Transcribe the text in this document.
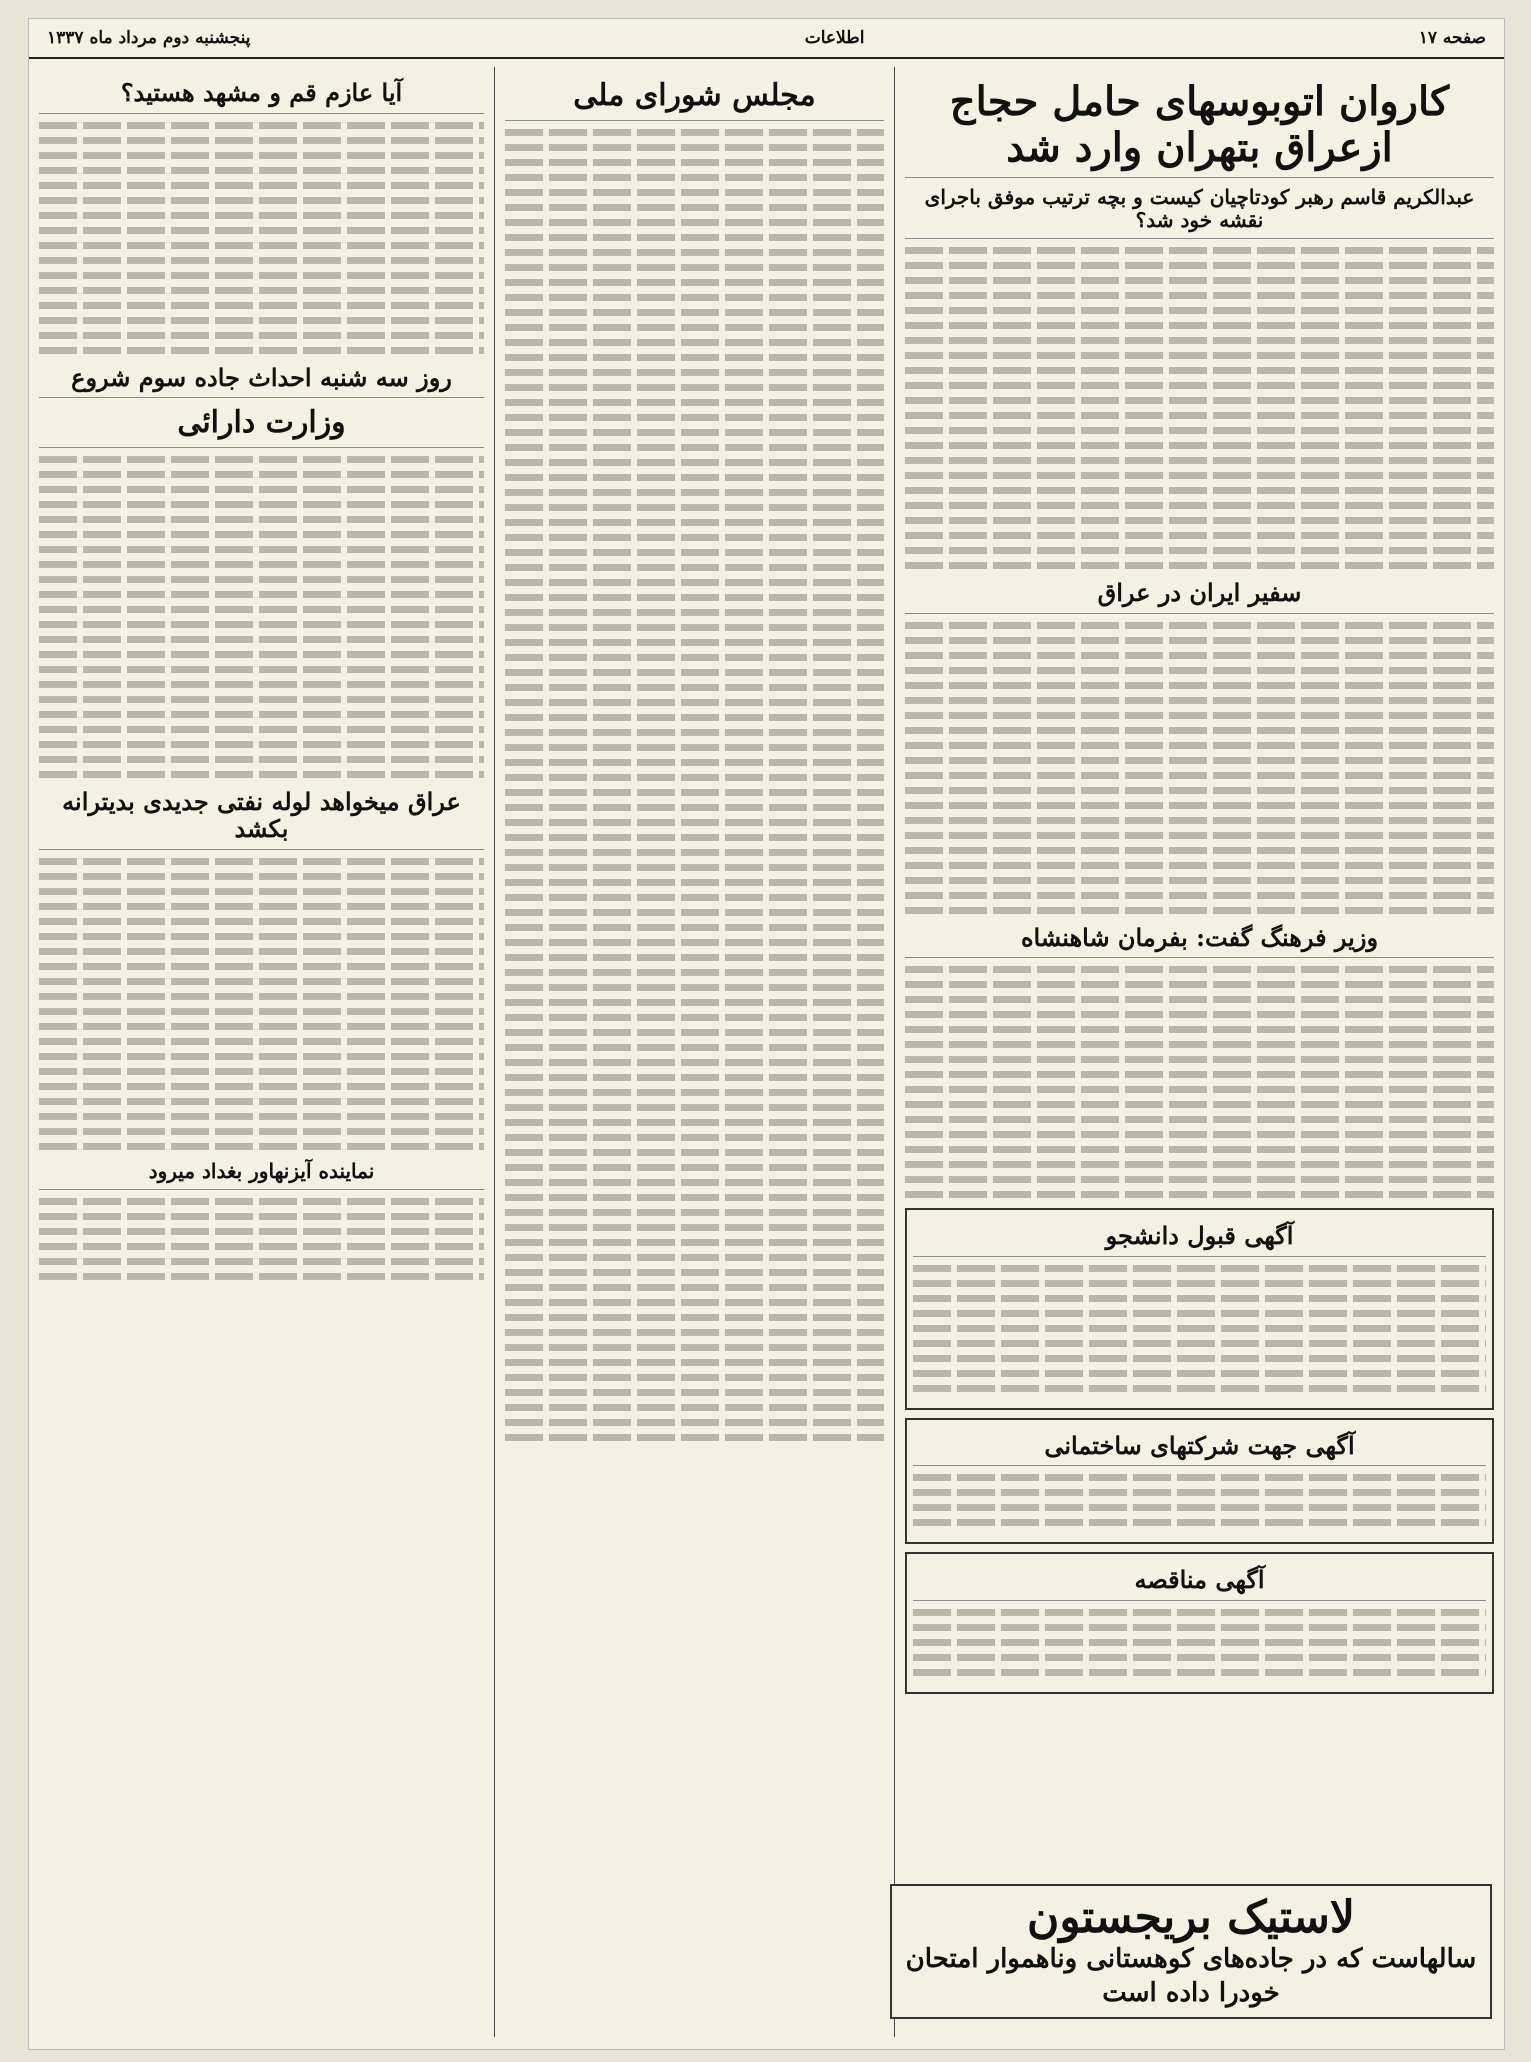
صفحه ۱۷
اطلاعات
پنجشنبه دوم مرداد ماه ۱۳۳۷
کاروان اتوبوسهای حامل حجاج ازعراق بتهران وارد شد
عبدالکریم قاسم رهبر کودتاچیان کیست و بچه ترتیب موفق باجرای نقشه خود شد؟
سفیر ایران در عراق
وزیر فرهنگ گفت: بفرمان شاهنشاه
آگهی قبول دانشجو
آگهی جهت شرکتهای ساختمانی
آگهی مناقصه
مجلس شورای ملی
آیا عازم قم و مشهد هستید؟
روز سه شنبه احداث جاده سوم شروع
وزارت دارائی
عراق میخواهد لوله نفتی جدیدی بدیترانه بکشد
نماینده آیزنهاور بغداد میرود
لاستیک بریجستون
سالهاست که در جاده‌های کوهستانی وناهموار امتحان خودرا داده است
